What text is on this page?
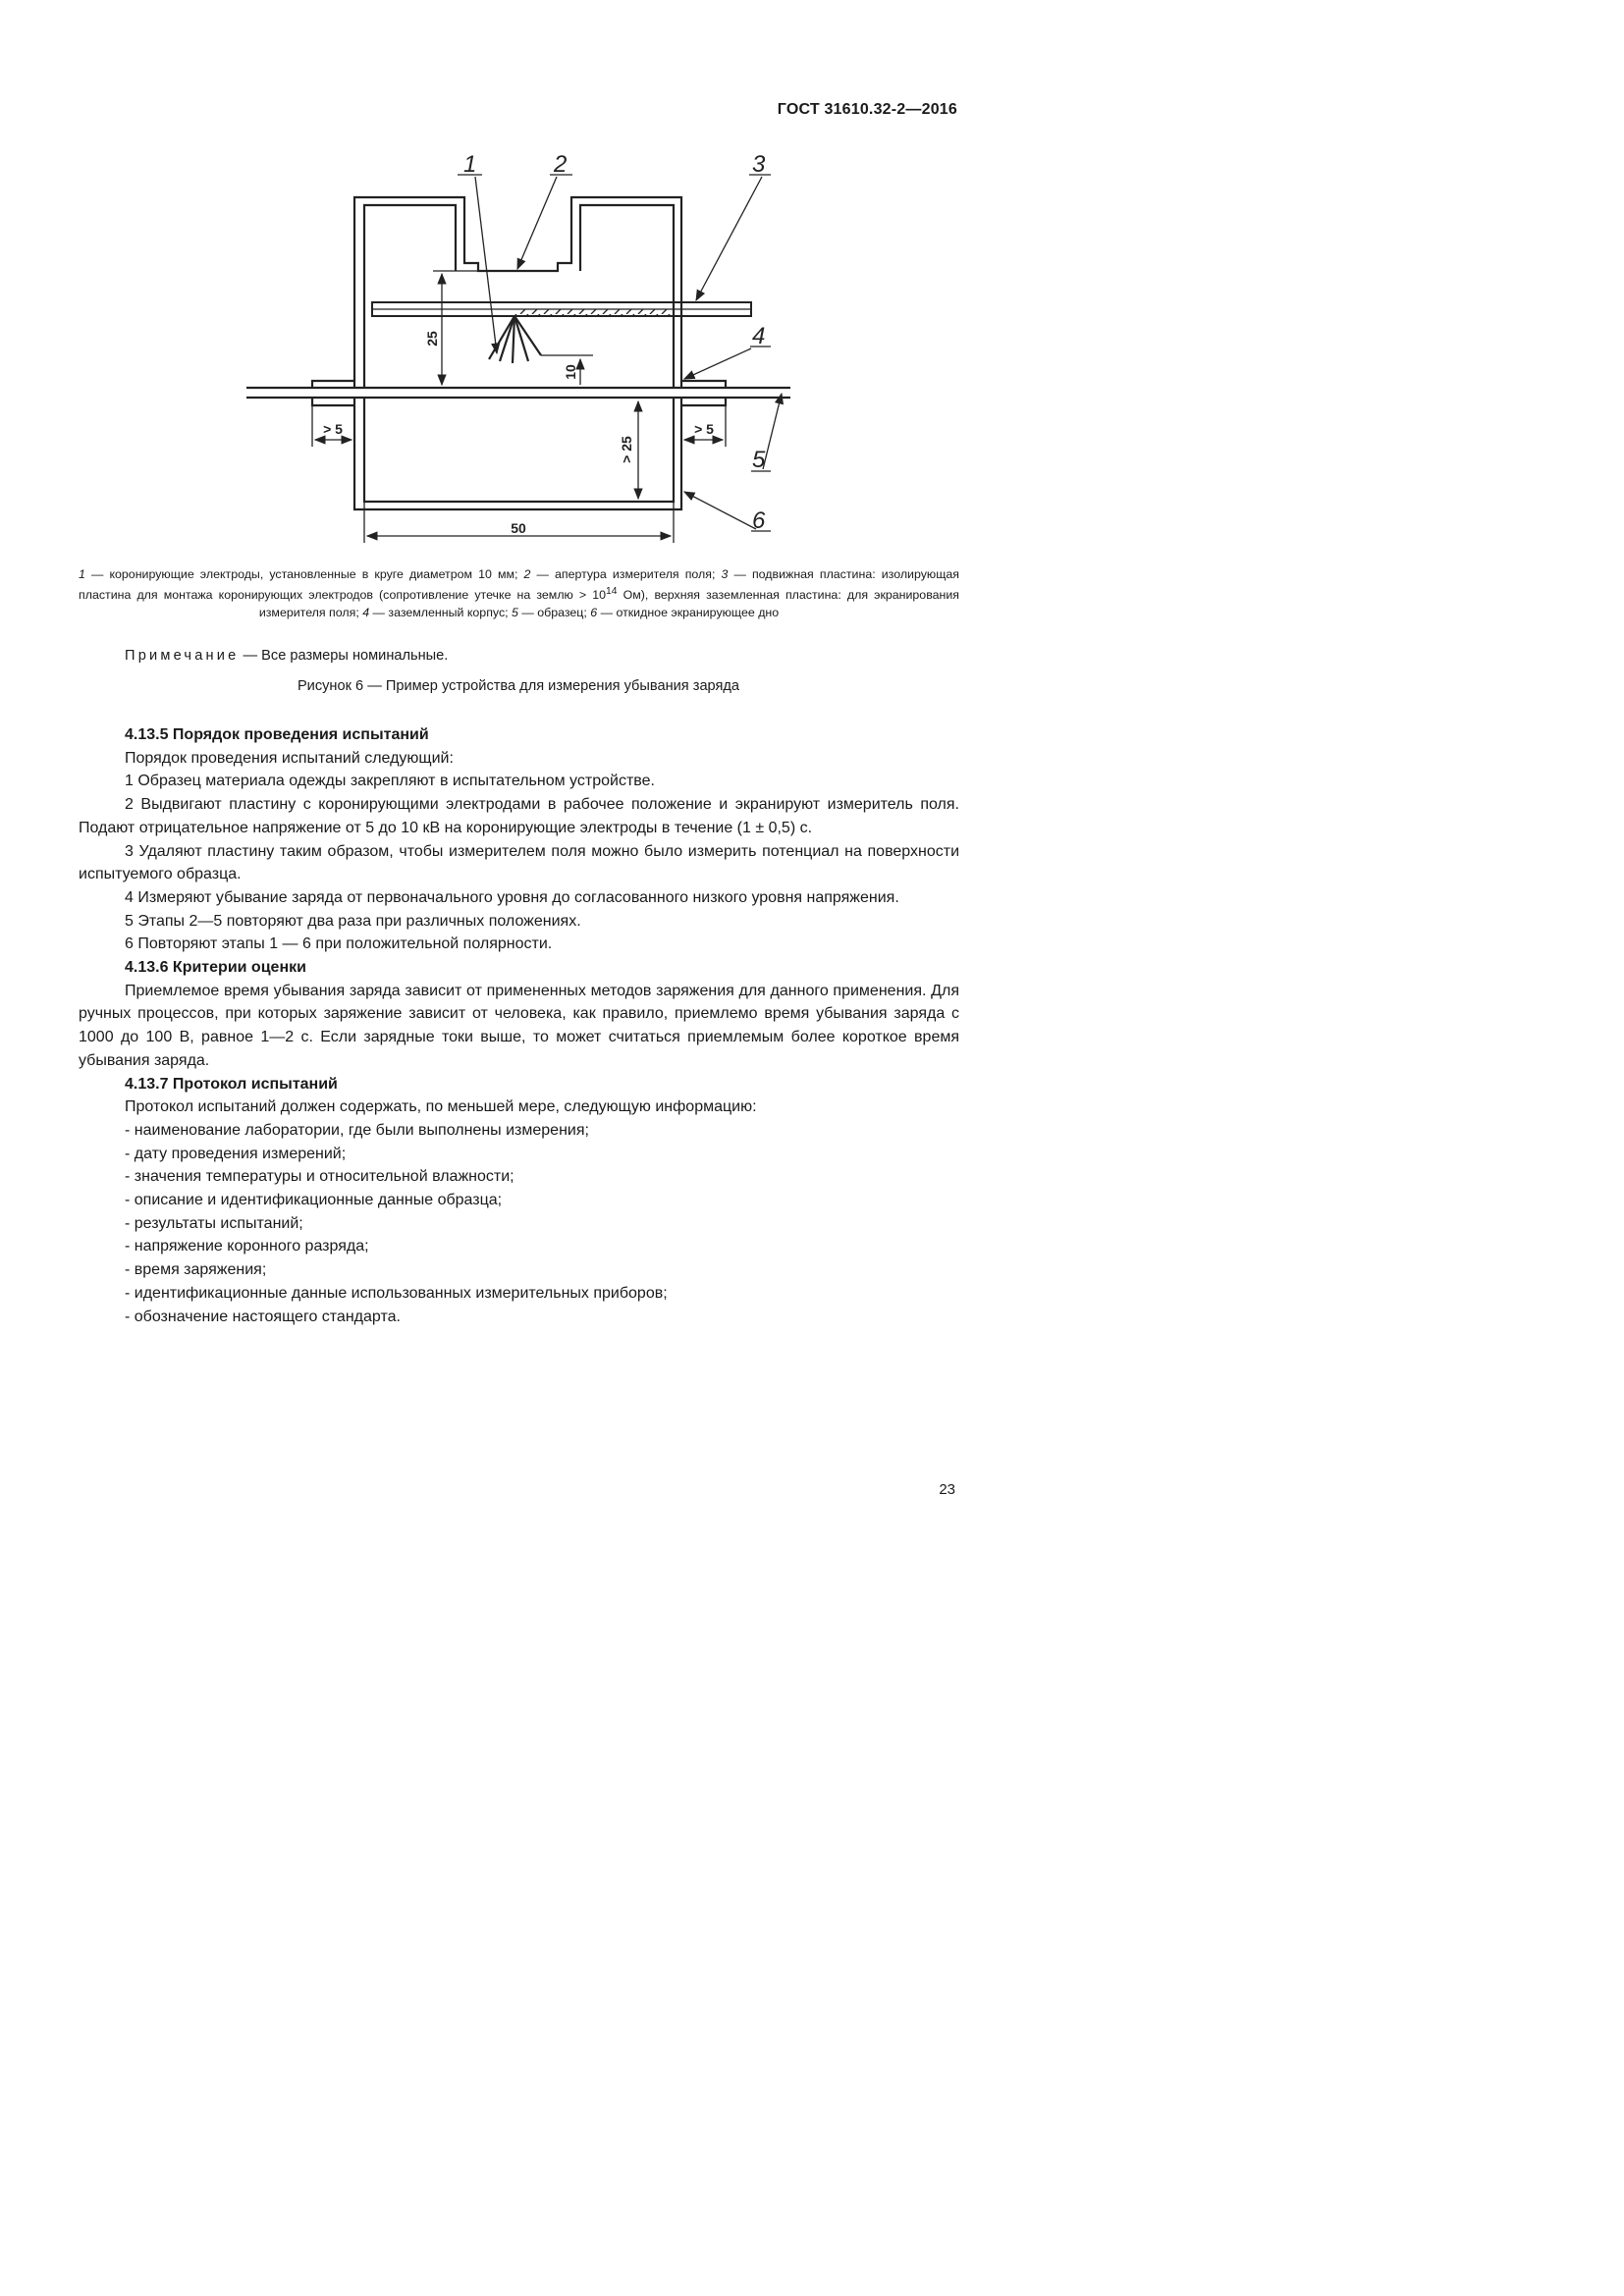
ГОСТ 31610.32-2—2016
1	2	3
4
5
6
25
10
> 5	> 5
> 25
50
1 — коронирующие электроды, установленные в круге диаметром 10 мм; 2 — апертура измерителя поля; 3 — подвижная пластина: изолирующая пластина для монтажа коронирующих электродов (сопротивление утечке на землю > $10^{14}$ Ом), верхняя заземленная пластина: для экранирования измерителя поля; 4 — заземленный корпус; 5 — образец; 6 — откидное экранирующее дно
Примечание — Все размеры номинальные.
Рисунок 6 — Пример устройства для измерения убывания заряда

4.13.5 Порядок проведения испытаний

Порядок проведения испытаний следующий:

1 Образец материала одежды закрепляют в испытательном устройстве.

2 Выдвигают пластину с коронирующими электродами в рабочее положение и экранируют измеритель поля. Подают отрицательное напряжение от 5 до 10 кВ на коронирующие электроды в течение (1 ± 0,5) с.

3 Удаляют пластину таким образом, чтобы измерителем поля можно было измерить потенциал на поверхности испытуемого образца.

4 Измеряют убывание заряда от первоначального уровня до согласованного низкого уровня напряжения.

5 Этапы 2—5 повторяют два раза при различных положениях.

6 Повторяют этапы 1 — 6 при положительной полярности.

4.13.6 Критерии оценки

Приемлемое время убывания заряда зависит от примененных методов заряжения для данного применения. Для ручных процессов, при которых заряжение зависит от человека, как правило, приемлемо время убывания заряда с 1000 до 100 В, равное 1—2 с. Если зарядные токи выше, то может считаться приемлемым более короткое время убывания заряда.

4.13.7 Протокол испытаний

Протокол испытаний должен содержать, по меньшей мере, следующую информацию:

- наименование лаборатории, где были выполнены измерения;

- дату проведения измерений;

- значения температуры и относительной влажности;

- описание и идентификационные данные образца;

- результаты испытаний;

- напряжение коронного разряда;

- время заряжения;

- идентификационные данные использованных измерительных приборов;

- обозначение настоящего стандарта.

23
